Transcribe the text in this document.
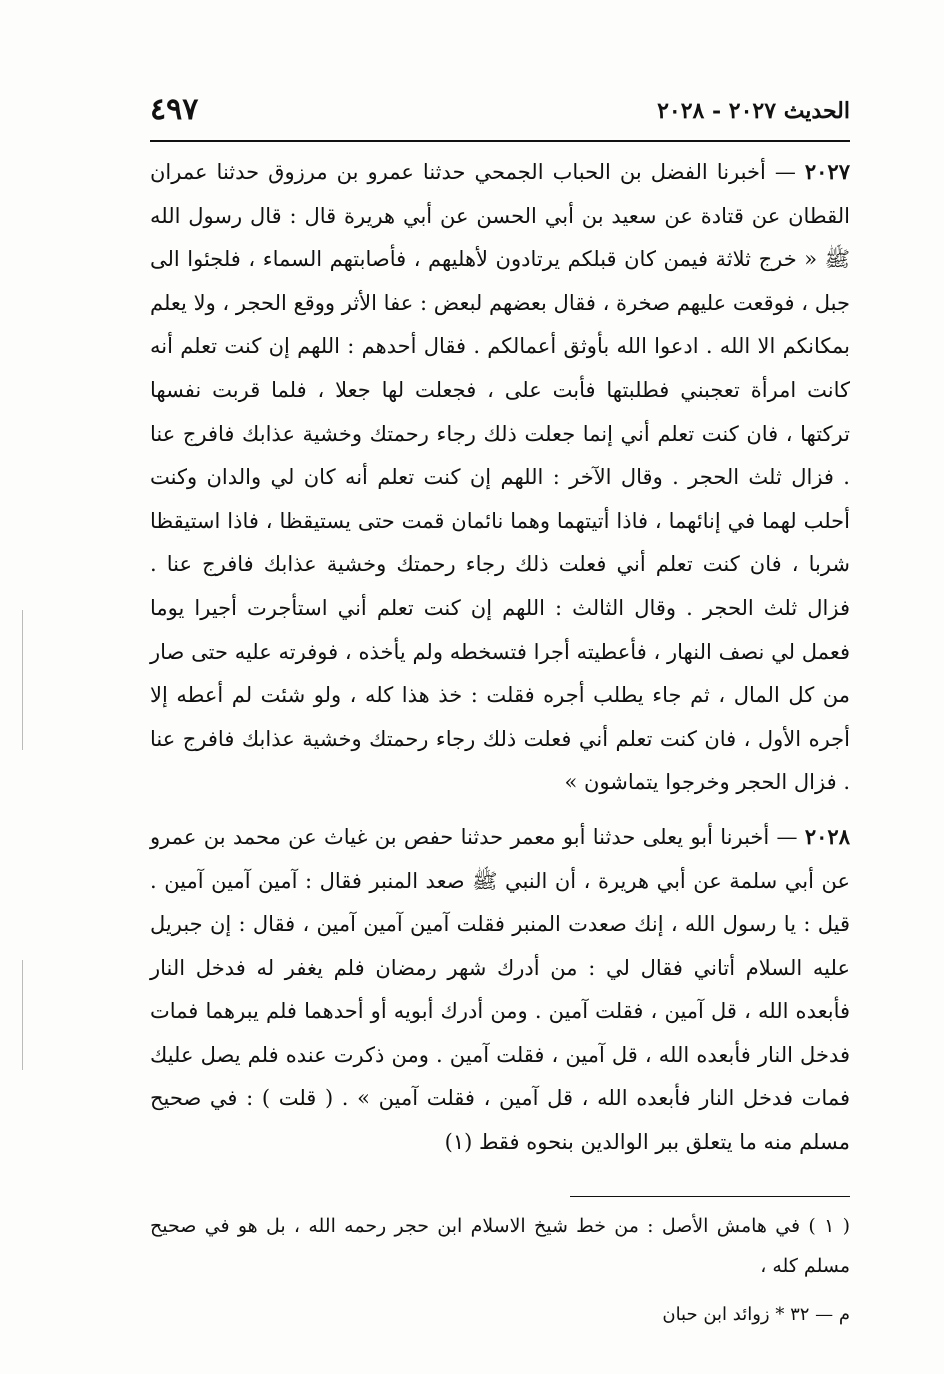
الحديث ٢٠٢٧ - ٢٠٢٨
٤٩٧

٢٠٢٧ — أخبرنا الفضل بن الحباب الجمحي حدثنا عمرو بن مرزوق حدثنا عمران القطان عن قتادة عن سعيد بن أبي الحسن عن أبي هريرة قال : قال رسول الله ﷺ « خرج ثلاثة فيمن كان قبلكم يرتادون لأهليهم ، فأصابتهم السماء ، فلجئوا الى جبل ، فوقعت عليهم صخرة ، فقال بعضهم لبعض : عفا الأثر ووقع الحجر ، ولا يعلم بمكانكم الا الله . ادعوا الله بأوثق أعمالكم . فقال أحدهم : اللهم إن كنت تعلم أنه كانت امرأة تعجبني فطلبتها فأبت على ، فجعلت لها جعلا ، فلما قربت نفسها تركتها ، فان كنت تعلم أني إنما جعلت ذلك رجاء رحمتك وخشية عذابك فافرج عنا . فزال ثلث الحجر . وقال الآخر : اللهم إن كنت تعلم أنه كان لي والدان وكنت أحلب لهما في إنائهما ، فاذا أتيتهما وهما نائمان قمت حتى يستيقظا ، فاذا استيقظا شربا ، فان كنت تعلم أني فعلت ذلك رجاء رحمتك وخشية عذابك فافرج عنا . فزال ثلث الحجر . وقال الثالث : اللهم إن كنت تعلم أني استأجرت أجيرا يوما فعمل لي نصف النهار ، فأعطيته أجرا فتسخطه ولم يأخذه ، فوفرته عليه حتى صار من كل المال ، ثم جاء يطلب أجره فقلت : خذ هذا كله ، ولو شئت لم أعطه إلا أجره الأول ، فان كنت تعلم أني فعلت ذلك رجاء رحمتك وخشية عذابك فافرج عنا . فزال الحجر وخرجوا يتماشون »

٢٠٢٨ — أخبرنا أبو يعلى حدثنا أبو معمر حدثنا حفص بن غياث عن محمد بن عمرو عن أبي سلمة عن أبي هريرة ، أن النبي ﷺ صعد المنبر فقال : آمين آمين آمين . قيل : يا رسول الله ، إنك صعدت المنبر فقلت آمين آمين آمين ، فقال : إن جبريل عليه السلام أتاني فقال لي : من أدرك شهر رمضان فلم يغفر له فدخل النار فأبعده الله ، قل آمين ، فقلت آمين . ومن أدرك أبويه أو أحدهما فلم يبرهما فمات فدخل النار فأبعده الله ، قل آمين ، فقلت آمين . ومن ذكرت عنده فلم يصل عليك فمات فدخل النار فأبعده الله ، قل آمين ، فقلت آمين » . ( قلت ) : في صحيح مسلم منه ما يتعلق ببر الوالدين بنحوه فقط (١)

( ١ ) في هامش الأصل : من خط شيخ الاسلام ابن حجر رحمه الله ، بل هو في صحيح مسلم كله ،

م — ٣٢ * زوائد ابن حبان
